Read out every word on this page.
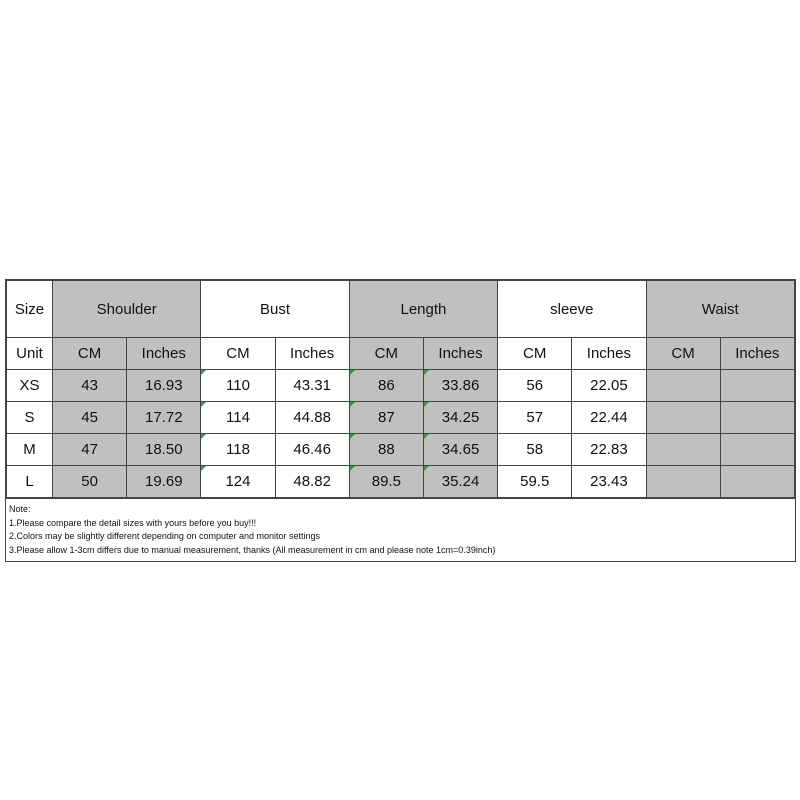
Size	Shoulder		Bust		Length		sleeve		Waist	
Unit	CM	Inches	CM	Inches	CM	Inches	CM	Inches	CM	Inches
XS	43	16.93	110	43.31	86	33.86	56	22.05		
S	45	17.72	114	44.88	87	34.25	57	22.44		
M	47	18.50	118	46.46	88	34.65	58	22.83		
L	50	19.69	124	48.82	89.5	35.24	59.5	23.43		
Note:
1.Please compare the detail sizes with yours before you buy!!!
2.Colors may be slightly different depending on computer and monitor settings
3.Please allow 1-3cm differs due to manual measurement, thanks (All measurement in cm and please note 1cm=0.39inch)
